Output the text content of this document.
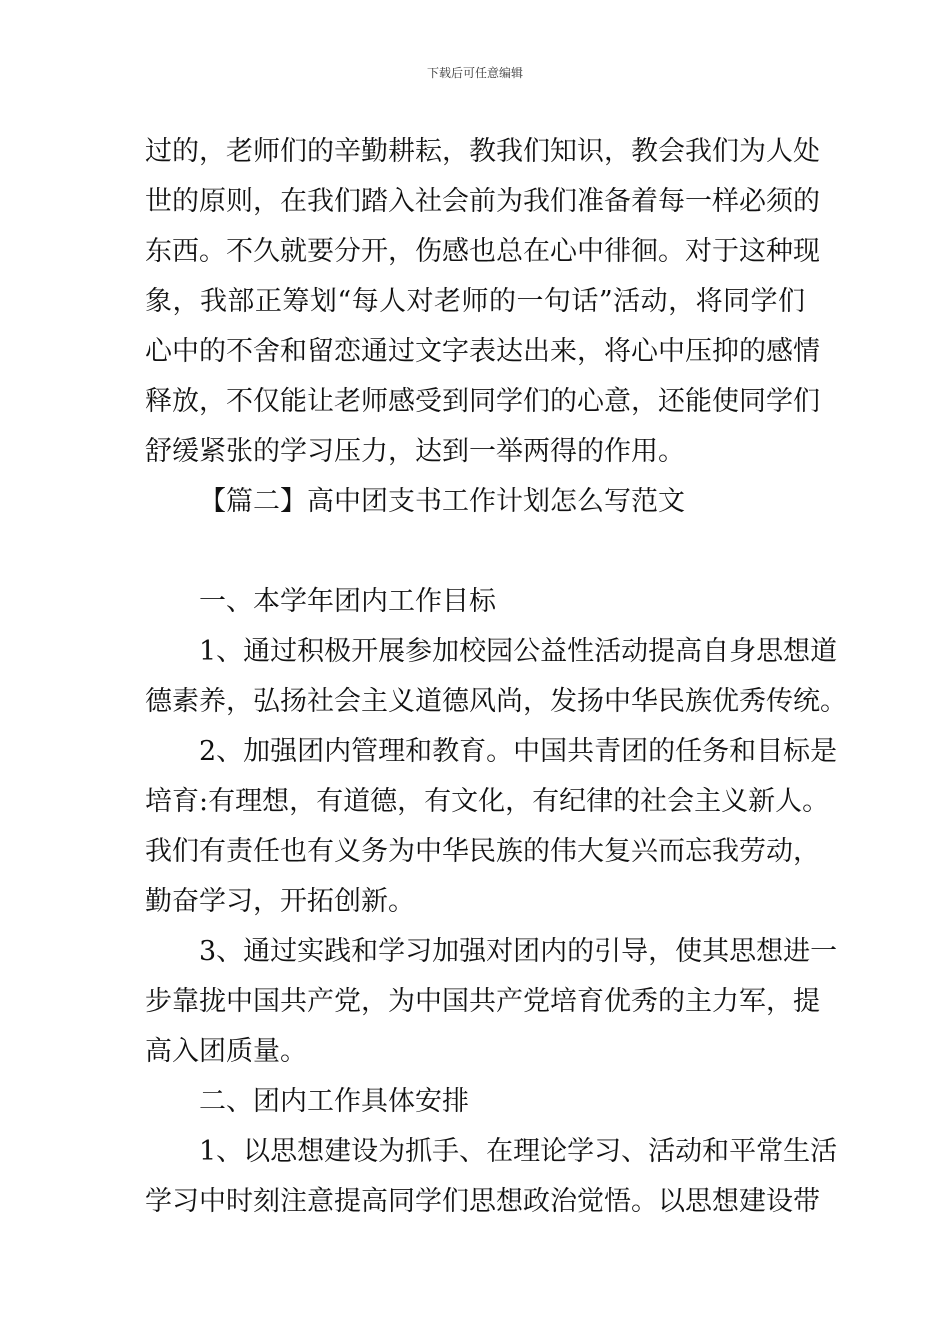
下载后可任意编辑
过的，老师们的辛勤耕耘，教我们知识，教会我们为人处
世的原则，在我们踏入社会前为我们准备着每一样必须的
东西。不久就要分开，伤感也总在心中徘徊。对于这种现
象，我部正筹划“每人对老师的一句话”活动，将同学们
心中的不舍和留恋通过文字表达出来，将心中压抑的感情
释放，不仅能让老师感受到同学们的心意，还能使同学们
舒缓紧张的学习压力，达到一举两得的作用。
【篇二】高中团支书工作计划怎么写范文
一、本学年团内工作目标
1、通过积极开展参加校园公益性活动提高自身思想道
德素养，弘扬社会主义道德风尚，发扬中华民族优秀传统。
2、加强团内管理和教育。中国共青团的任务和目标是
培育:有理想，有道德，有文化，有纪律的社会主义新人。
我们有责任也有义务为中华民族的伟大复兴而忘我劳动，
勤奋学习，开拓创新。
3、通过实践和学习加强对团内的引导，使其思想进一
步靠拢中国共产党，为中国共产党培育优秀的主力军，提
高入团质量。
二、团内工作具体安排
1、以思想建设为抓手、在理论学习、活动和平常生活
学习中时刻注意提高同学们思想政治觉悟。以思想建设带
